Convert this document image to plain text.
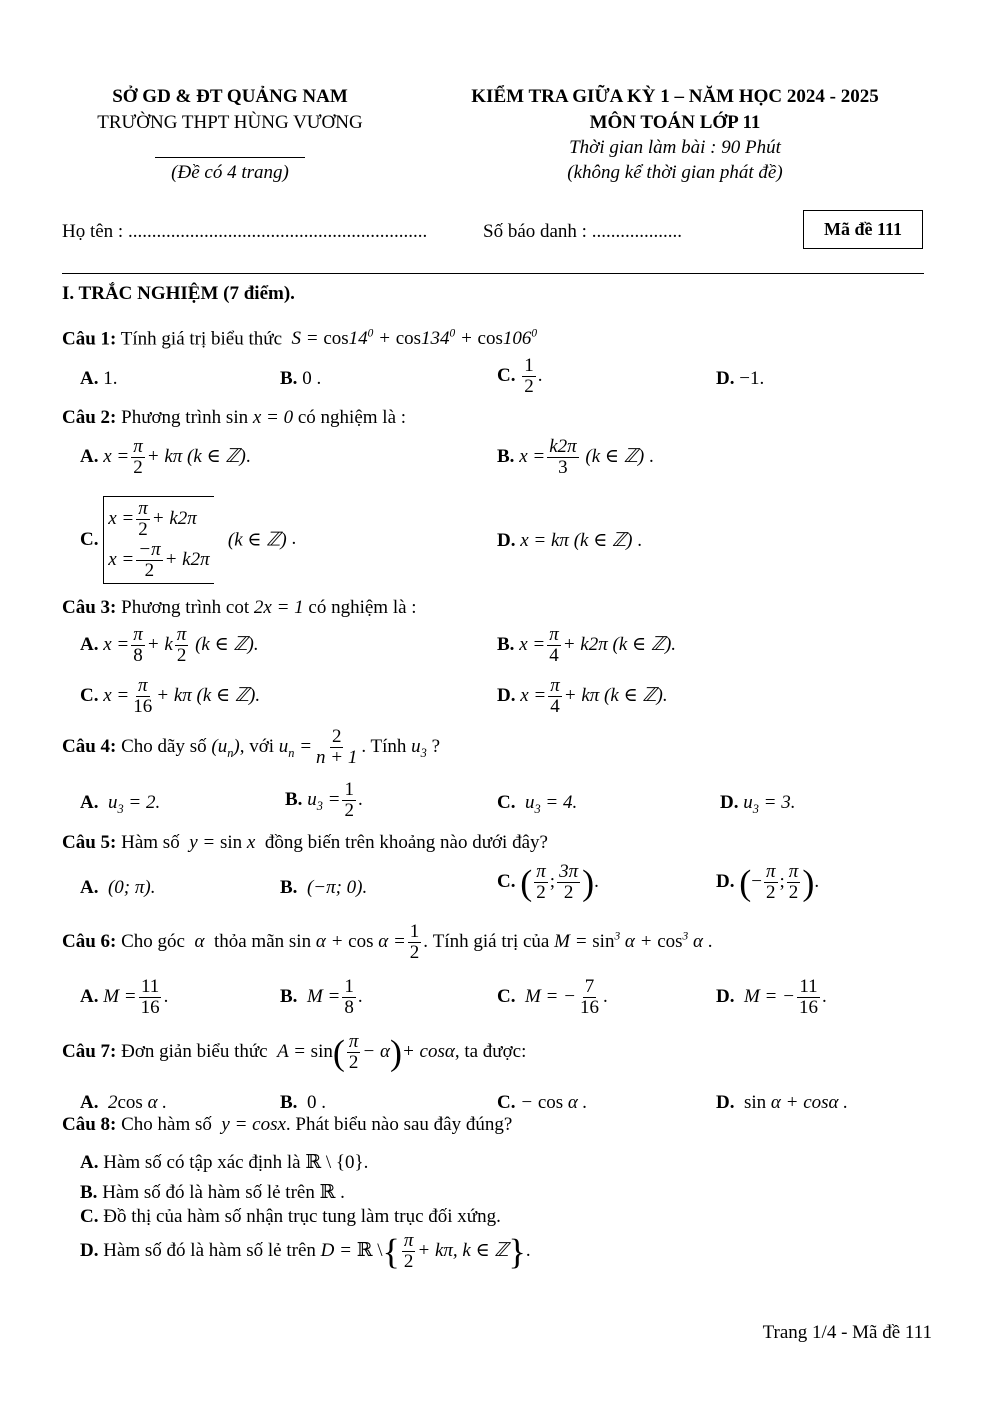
SỞ GD & ĐT QUẢNG NAM
TRƯỜNG THPT HÙNG VƯƠNG
(Đề có 4 trang)
KIỂM TRA GIỮA KỲ 1 – NĂM HỌC 2024 - 2025
MÔN TOÁN LỚP 11
Thời gian làm bài : 90 Phút
(không kể thời gian phát đề)
Họ tên : ...............................................................	Số báo danh : ...................	Mã đề 111
I. TRẮC NGHIỆM (7 điểm).
Câu 1: Tính giá trị biểu thức  $S = \cos 14^0 + \cos 134^0 + \cos 106^0$
A. 1.	B. 0 .	C. $\frac{1}{2}$ .	D. −1.
Câu 2: Phương trình sin x = 0 có nghiệm là :
A. $x = \frac{\pi}{2} + k\pi$ (k ∈ ℤ).	B. $x = \frac{k2\pi}{3} (k$ ∈ ℤ) .
C.
$x = \frac{\pi}{2} + k2\pi$
$x = \frac{-\pi}{2} + k2\pi$
(k ∈ ℤ) .	D. x = kπ (k ∈ ℤ) .
Câu 3: Phương trình cot 2x = 1 có nghiệm là :
A. $x = \frac{\pi}{8} + k \frac{\pi}{2} (k$ ∈ ℤ).	B. $x = \frac{\pi}{4} + k2\pi$ (k ∈ ℤ).
C. $x = \frac{\pi}{16} + k\pi$ (k ∈ ℤ).	D. $x = \frac{\pi}{4} + k\pi$ (k ∈ ℤ).
Câu 4: Cho dãy số $(u_n)$, với $u_n = \frac{2}{n + 1}$ . Tính $u_3$ ?
A.  $u_3 = 2$.	B. $u_3 = \frac{1}{2}$ .	C.  $u_3 = 4$.	D. $u_3 = 3$.
Câu 5: Hàm số  y = sin x  đồng biến trên khoảng nào dưới đây?
A.  (0; π).	B.  (−π; 0).	C. ( $\frac{\pi}{2}$ ; $\frac{3\pi}{2}$ ).	D. (− $\frac{\pi}{2}$ ; $\frac{\pi}{2}$ ).
Câu 6: Cho góc  α  thỏa mãn $\sin \alpha + \cos \alpha = \frac{1}{2}$ . Tính giá trị của $M = \sin^3 \alpha + \cos^3 \alpha$ .
A. $M = \frac{11}{16}$ .	B.  $M = \frac{1}{8}$ .	C.  M = − $\frac{7}{16}$ .	D.  M = − $\frac{11}{16}$ .
Câu 7: Đơn giản biểu thức  $A = \sin( \frac{\pi}{2} - \alpha)+ \cos\alpha$, ta được:
A.  2cos α .	B.  0 .	C. − cos α .	D. sin α + cosα .
Câu 8: Cho hàm số  y = cosx. Phát biểu nào sau đây đúng?
A. Hàm số có tập xác định là ℝ \ {0}.
B. Hàm số đó là hàm số lẻ trên ℝ .
C. Đồ thị của hàm số nhận trục tung làm trục đối xứng.
D. Hàm số đó là hàm số lẻ trên D = ℝ \{ $\frac{\pi}{2} + k\pi$, k ∈ ℤ}.
Trang 1/4 - Mã đề 111
